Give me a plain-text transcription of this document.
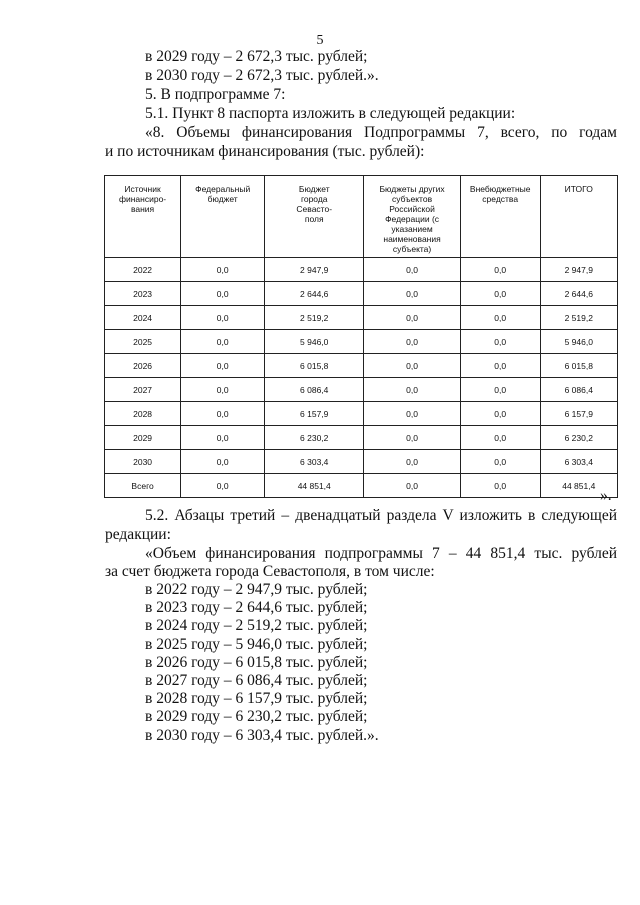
5
в 2029 году – 2 672,3 тыс. рублей;
в 2030 году – 2 672,3 тыс. рублей.».
5. В подпрограмме 7:
5.1. Пункт 8 паспорта изложить в следующей редакции:
«8. Объемы финансирования Подпрограммы 7, всего, по годам
и по источникам финансирования (тыс. рублей):
Источник финансиро-вания	Федеральный бюджет	Бюджет города Севасто-поля	Бюджеты других субъектов Российской Федерации (с указанием наименования субъекта)	Внебюджетные средства	ИТОГО
2022	0,0	2 947,9	0,0	0,0	2 947,9
2023	0,0	2 644,6	0,0	0,0	2 644,6
2024	0,0	2 519,2	0,0	0,0	2 519,2
2025	0,0	5 946,0	0,0	0,0	5 946,0
2026	0,0	6 015,8	0,0	0,0	6 015,8
2027	0,0	6 086,4	0,0	0,0	6 086,4
2028	0,0	6 157,9	0,0	0,0	6 157,9
2029	0,0	6 230,2	0,0	0,0	6 230,2
2030	0,0	6 303,4	0,0	0,0	6 303,4
Всего	0,0	44 851,4	0,0	0,0	44 851,4
».
5.2. Абзацы третий – двенадцатый раздела V изложить в следующей
редакции:
«Объем финансирования подпрограммы 7 – 44 851,4 тыс. рублей
за счет бюджета города Севастополя, в том числе:
в 2022 году – 2 947,9 тыс. рублей;
в 2023 году – 2 644,6 тыс. рублей;
в 2024 году – 2 519,2 тыс. рублей;
в 2025 году – 5 946,0 тыс. рублей;
в 2026 году – 6 015,8 тыс. рублей;
в 2027 году – 6 086,4 тыс. рублей;
в 2028 году – 6 157,9 тыс. рублей;
в 2029 году – 6 230,2 тыс. рублей;
в 2030 году – 6 303,4 тыс. рублей.».
